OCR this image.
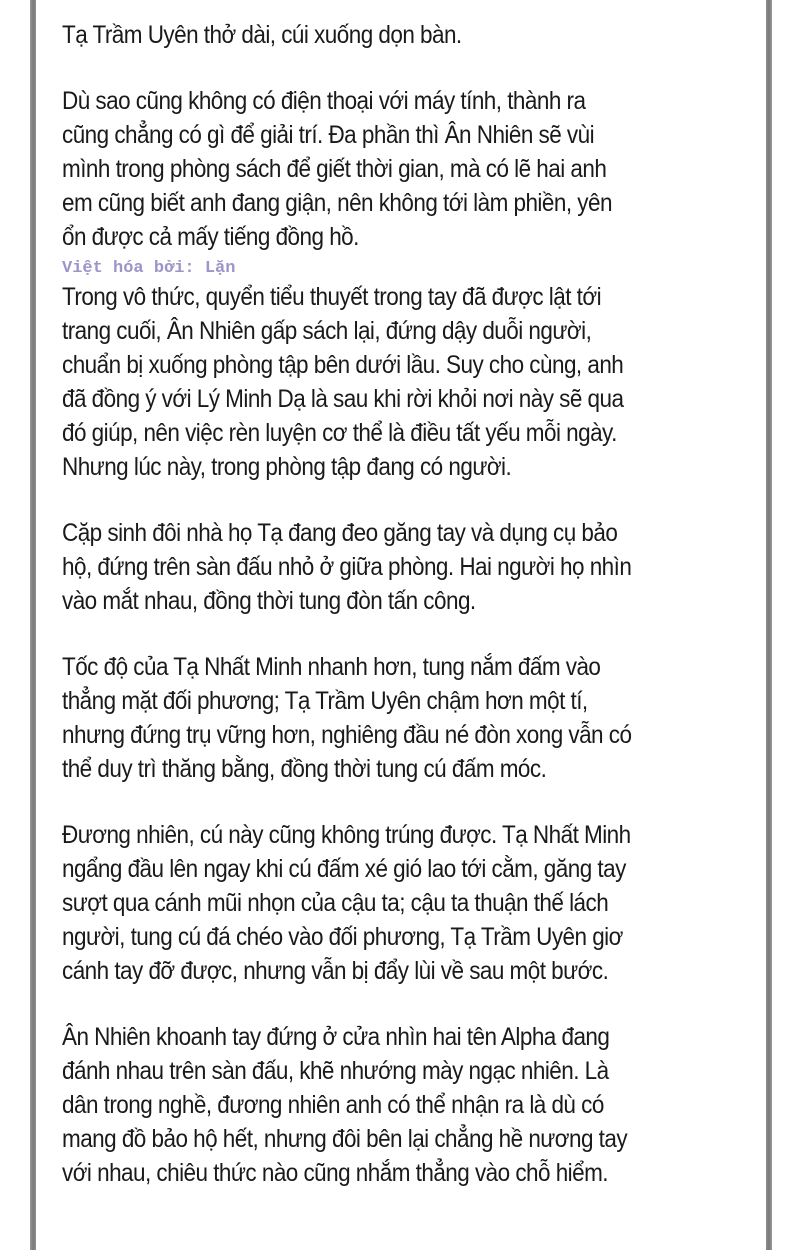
Tạ Trầm Uyên thở dài, cúi xuống dọn bàn.

Dù sao cũng không có điện thoại với máy tính, thành ra
cũng chẳng có gì để giải trí. Đa phần thì Ân Nhiên sẽ vùi
mình trong phòng sách để giết thời gian, mà có lẽ hai anh
em cũng biết anh đang giận, nên không tới làm phiền, yên
ổn được cả mấy tiếng đồng hồ.

Việt hóa bởi: Lặn

Trong vô thức, quyển tiểu thuyết trong tay đã được lật tới
trang cuối, Ân Nhiên gấp sách lại, đứng dậy duỗi người,
chuẩn bị xuống phòng tập bên dưới lầu. Suy cho cùng, anh
đã đồng ý với Lý Minh Dạ là sau khi rời khỏi nơi này sẽ qua
đó giúp, nên việc rèn luyện cơ thể là điều tất yếu mỗi ngày.
Nhưng lúc này, trong phòng tập đang có người.

Cặp sinh đôi nhà họ Tạ đang đeo găng tay và dụng cụ bảo
hộ, đứng trên sàn đấu nhỏ ở giữa phòng. Hai người họ nhìn
vào mắt nhau, đồng thời tung đòn tấn công.

Tốc độ của Tạ Nhất Minh nhanh hơn, tung nắm đấm vào
thẳng mặt đối phương; Tạ Trầm Uyên chậm hơn một tí,
nhưng đứng trụ vững hơn, nghiêng đầu né đòn xong vẫn có
thể duy trì thăng bằng, đồng thời tung cú đấm móc.

Đương nhiên, cú này cũng không trúng được. Tạ Nhất Minh
ngẩng đầu lên ngay khi cú đấm xé gió lao tới cằm, găng tay
sượt qua cánh mũi nhọn của cậu ta; cậu ta thuận thế lách
người, tung cú đá chéo vào đối phương, Tạ Trầm Uyên giơ
cánh tay đỡ được, nhưng vẫn bị đẩy lùi về sau một bước.

Ân Nhiên khoanh tay đứng ở cửa nhìn hai tên Alpha đang
đánh nhau trên sàn đấu, khẽ nhướng mày ngạc nhiên. Là
dân trong nghề, đương nhiên anh có thể nhận ra là dù có
mang đồ bảo hộ hết, nhưng đôi bên lại chẳng hề nương tay
với nhau, chiêu thức nào cũng nhắm thẳng vào chỗ hiểm.
